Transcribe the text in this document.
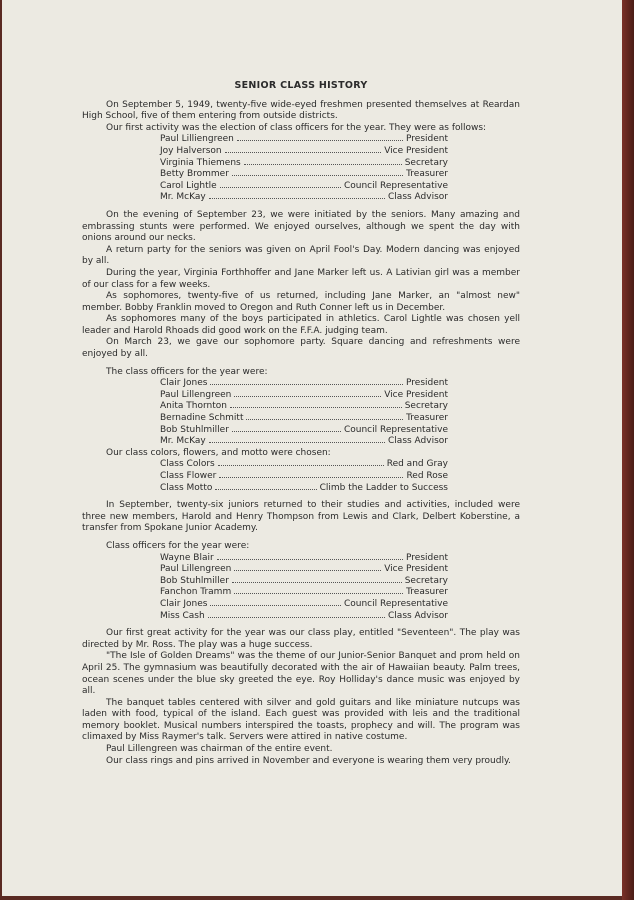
SENIOR CLASS HISTORY

On September 5, 1949, twenty-five wide-eyed freshmen presented themselves at Reardan High School, five of them entering from outside districts.

Our first activity was the election of class officers for the year. They were as follows:

Paul Lilliengreen	President
Joy Halverson	Vice President
Virginia Thiemens	Secretary
Betty Brommer	Treasurer
Carol Lightle	Council Representative
Mr. McKay	Class Advisor

On the evening of September 23, we were initiated by the seniors. Many amazing and embrassing stunts were performed. We enjoyed ourselves, although we spent the day with onions around our necks.

A return party for the seniors was given on April Fool's Day. Modern dancing was enjoyed by all.

During the year, Virginia Forthhoffer and Jane Marker left us. A Lativian girl was a member of our class for a few weeks.

As sophomores, twenty-five of us returned, including Jane Marker, an "almost new" member. Bobby Franklin moved to Oregon and Ruth Conner left us in December.

As sophomores many of the boys participated in athletics. Carol Lightle was chosen yell leader and Harold Rhoads did good work on the F.F.A. judging team.

On March 23, we gave our sophomore party. Square dancing and refreshments were enjoyed by all.

The class officers for the year were:
Clair Jones	President
Paul Lillengreen	Vice President
Anita Thornton	Secretary
Bernadine Schmitt	Treasurer
Bob Stuhlmiller	Council Representative
Mr. McKay	Class Advisor
Our class colors, flowers, and motto were chosen:
Class Colors	Red and Gray
Class Flower	Red Rose
Class Motto	Climb the Ladder to Success

In September, twenty-six juniors returned to their studies and activities, included were three new members, Harold and Henry Thompson from Lewis and Clark, Delbert Koberstine, a transfer from Spokane Junior Academy.

Class officers for the year were:
Wayne Blair	President
Paul Lillengreen	Vice President
Bob Stuhlmiller	Secretary
Fanchon Tramm	Treasurer
Clair Jones	Council Representative
Miss Cash	Class Advisor

Our first great activity for the year was our class play, entitled "Seventeen". The play was directed by Mr. Ross. The play was a huge success.

"The Isle of Golden Dreams" was the theme of our Junior-Senior Banquet and prom held on April 25. The gymnasium was beautifully decorated with the air of Hawaiian beauty. Palm trees, ocean scenes under the blue sky greeted the eye. Roy Holliday's dance music was enjoyed by all.

The banquet tables centered with silver and gold guitars and like miniature nutcups was laden with food, typical of the island. Each guest was provided with leis and the traditional memory booklet. Musical numbers interspired the toasts, prophecy and will. The program was climaxed by Miss Raymer's talk. Servers were attired in native costume.

Paul Lillengreen was chairman of the entire event.

Our class rings and pins arrived in November and everyone is wearing them very proudly.
